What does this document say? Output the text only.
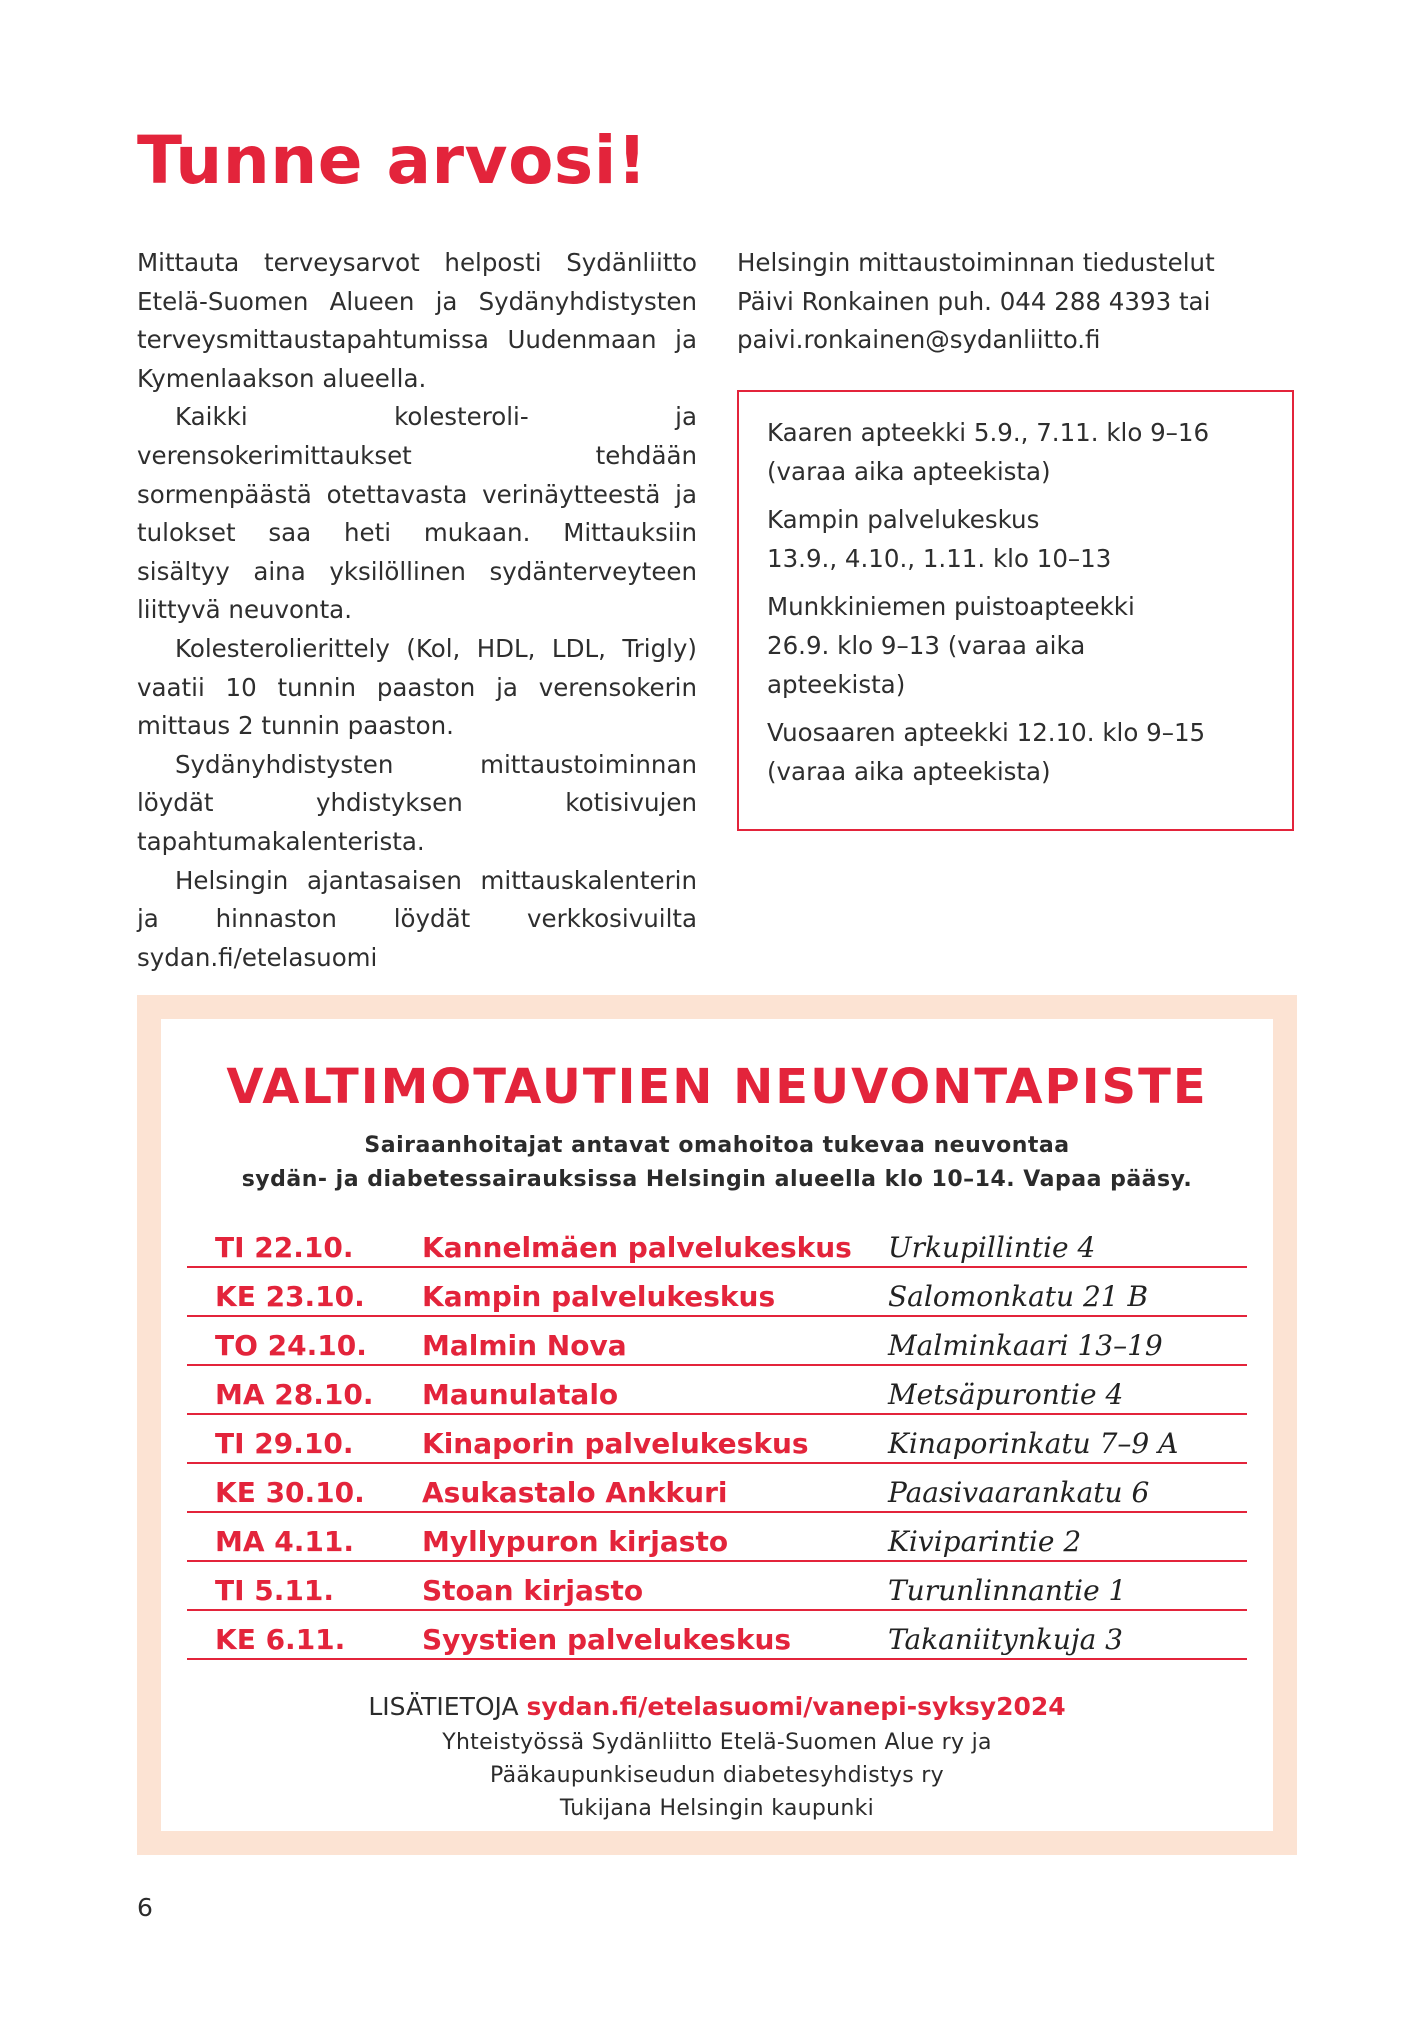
Tunne arvosi!

Mittauta terveysarvot helposti Sydänliitto Etelä-Suomen Alueen ja Sydänyhdistysten terveysmittaustapahtumissa Uudenmaan ja Kymenlaakson alueella.

Kaikki kolesteroli- ja verensokerimittaukset tehdään sormenpäästä otettavasta verinäytteestä ja tulokset saa heti mukaan. Mittauksiin sisältyy aina yksilöllinen sydänterveyteen liittyvä neuvonta.

Kolesterolierittely (Kol, HDL, LDL, Trigly) vaatii 10 tunnin paaston ja verensokerin mittaus 2 tunnin paaston.

Sydänyhdistysten mittaustoiminnan löydät yhdistyksen kotisivujen tapahtumakalenterista.

Helsingin ajantasaisen mittauskalenterin ja hinnaston löydät verkkosivuilta sydan.fi/etelasuomi

Helsingin mittaustoiminnan tiedustelut

Päivi Ronkainen puh. 044 288 4393 tai

paivi.ronkainen@sydanliitto.fi

Kaaren apteekki 5.9., 7.11. klo 9–16
(varaa aika apteekista)
Kampin palvelukeskus
13.9., 4.10., 1.11. klo 10–13
Munkkiniemen puistoapteekki
26.9. klo 9–13 (varaa aika
apteekista)
Vuosaaren apteekki 12.10. klo 9–15
(varaa aika apteekista)
VALTIMOTAUTIEN NEUVONTAPISTE

Sairaanhoitajat antavat omahoitoa tukevaa neuvontaa
sydän- ja diabetessairauksissa Helsingin alueella klo 10–14. Vapaa pääsy.

TI 22.10.	Kannelmäen palvelukeskus	Urkupillintie 4
KE 23.10.	Kampin palvelukeskus	Salomonkatu 21 B
TO 24.10.	Malmin Nova	Malminkaari 13–19
MA 28.10.	Maunulatalo	Metsäpurontie 4
TI 29.10.	Kinaporin palvelukeskus	Kinaporinkatu 7–9 A
KE 30.10.	Asukastalo Ankkuri	Paasivaarankatu 6
MA 4.11.	Myllypuron kirjasto	Kiviparintie 2
TI 5.11.	Stoan kirjasto	Turunlinnantie 1
KE 6.11.	Syystien palvelukeskus	Takaniitynkuja 3

LISÄTIETOJA sydan.fi/etelasuomi/vanepi-syksy2024

Yhteistyössä Sydänliitto Etelä-Suomen Alue ry ja
Pääkaupunkiseudun diabetesyhdistys ry
Tukijana Helsingin kaupunki

6
